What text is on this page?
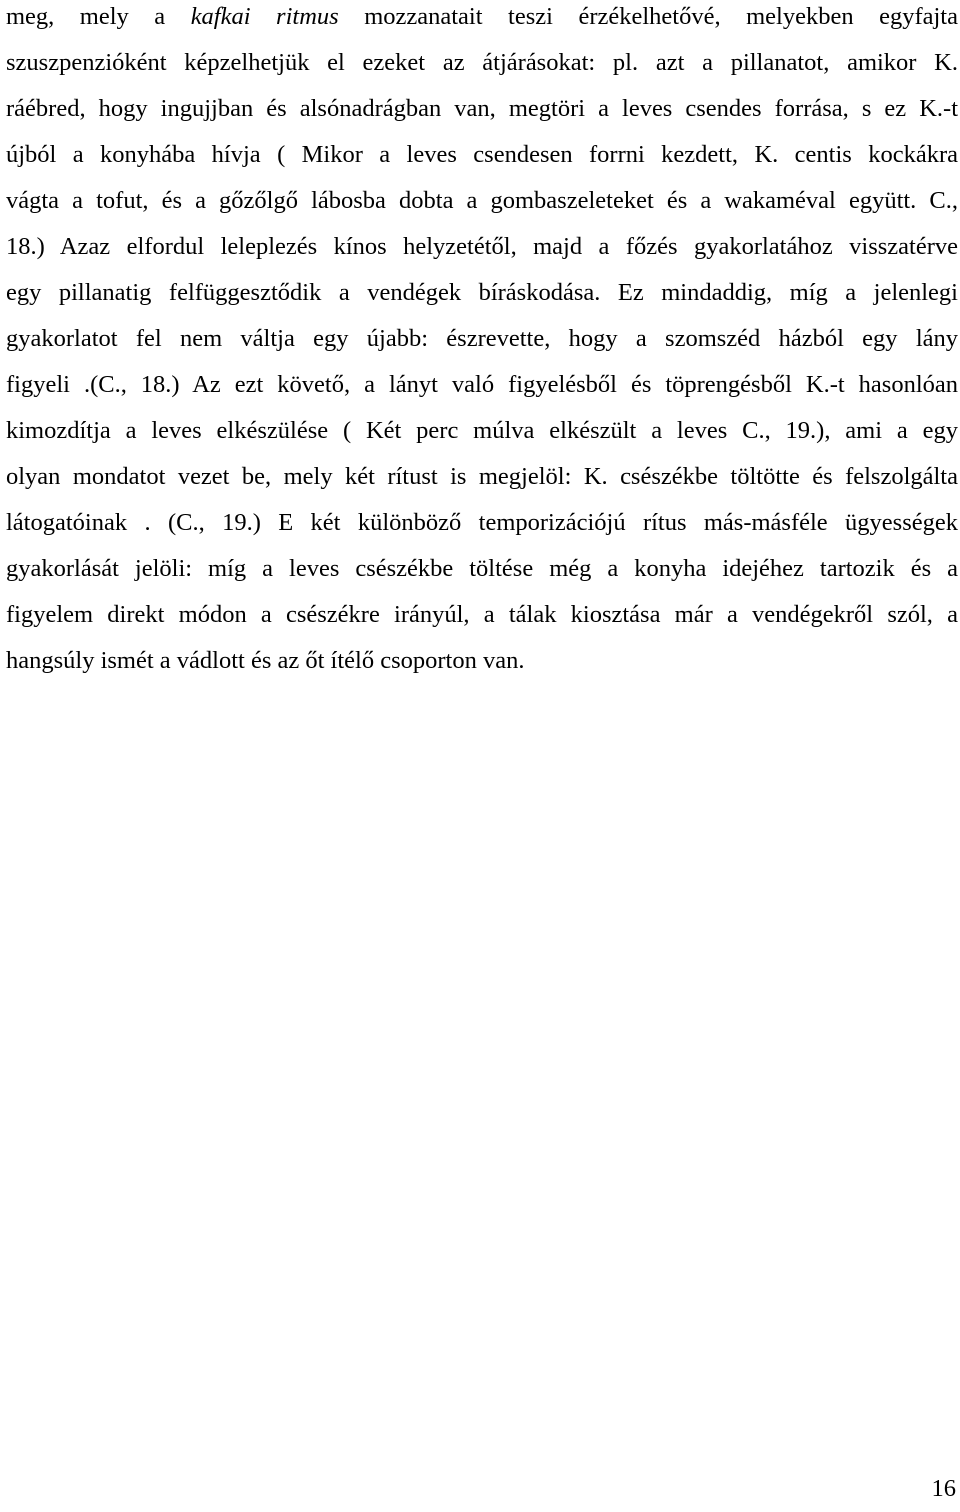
meg, mely a kafkai ritmus mozzanatait teszi érzékelhetővé, melyekben egyfajta
szuszpenzióként képzelhetjük el ezeket az átjárásokat: pl. azt a pillanatot, amikor K.
ráébred, hogy ingujjban és alsónadrágban van, megtöri a leves csendes forrása, s ez K.-t
újból a konyhába hívja ( Mikor a leves csendesen forrni kezdett, K. centis kockákra
vágta a tofut, és a gőzőlgő lábosba dobta a gombaszeleteket és a wakaméval együtt. C.,
18.) Azaz elfordul leleplezés kínos helyzetétől, majd a főzés gyakorlatához visszatérve
egy pillanatig felfüggesztődik a vendégek bíráskodása. Ez mindaddig, míg a jelenlegi
gyakorlatot fel nem váltja egy újabb: észrevette, hogy a szomszéd házból egy lány
figyeli .(C., 18.) Az ezt követő, a lányt való figyelésből és töprengésből K.-t hasonlóan
kimozdítja a leves elkészülése ( Két perc múlva elkészült a leves C., 19.), ami a egy
olyan mondatot vezet be, mely két rítust is megjelöl: K. csészékbe töltötte és felszolgálta
látogatóinak . (C., 19.) E két különböző temporizációjú rítus más-másféle ügyességek
gyakorlását jelöli: míg a leves csészékbe töltése még a konyha idejéhez tartozik és a
figyelem direkt módon a csészékre irányúl, a tálak kiosztása már a vendégekről szól, a
hangsúly ismét a vádlott és az őt ítélő csoporton van.
16
